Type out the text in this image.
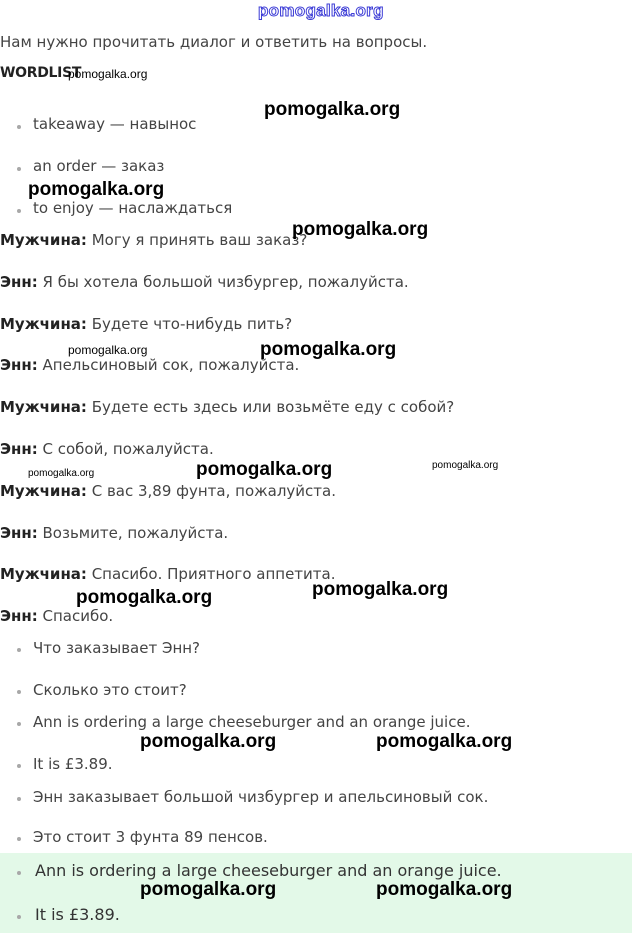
pomogalka.org
Нам нужно прочитать диалог и ответить на вопросы.
WORDLIST
takeaway — навынос
an order — заказ
to enjoy — наслаждаться
Мужчина: Могу я принять ваш заказ?
Энн: Я бы хотела большой чизбургер, пожалуйста.
Мужчина: Будете что-нибудь пить?
Энн: Апельсиновый сок, пожалуйста.
Мужчина: Будете есть здесь или возьмёте еду с собой?
Энн: С собой, пожалуйста.
Мужчина: С вас 3,89 фунта, пожалуйста.
Энн: Возьмите, пожалуйста.
Мужчина: Спасибо. Приятного аппетита.
Энн: Спасибо.
Что заказывает Энн?
Сколько это стоит?
Ann is ordering a large cheeseburger and an orange juice.
It is £3.89.
Энн заказывает большой чизбургер и апельсиновый сок.
Это стоит 3 фунта 89 пенсов.
Ann is ordering a large cheeseburger and an orange juice.
It is £3.89.
pomogalka.org
pomogalka.org
pomogalka.org
pomogalka.org
pomogalka.org	pomogalka.org
pomogalka.org
pomogalka.org
pomogalka.org
pomogalka.org
pomogalka.org
pomogalka.org	pomogalka.org
pomogalka.org	pomogalka.org
